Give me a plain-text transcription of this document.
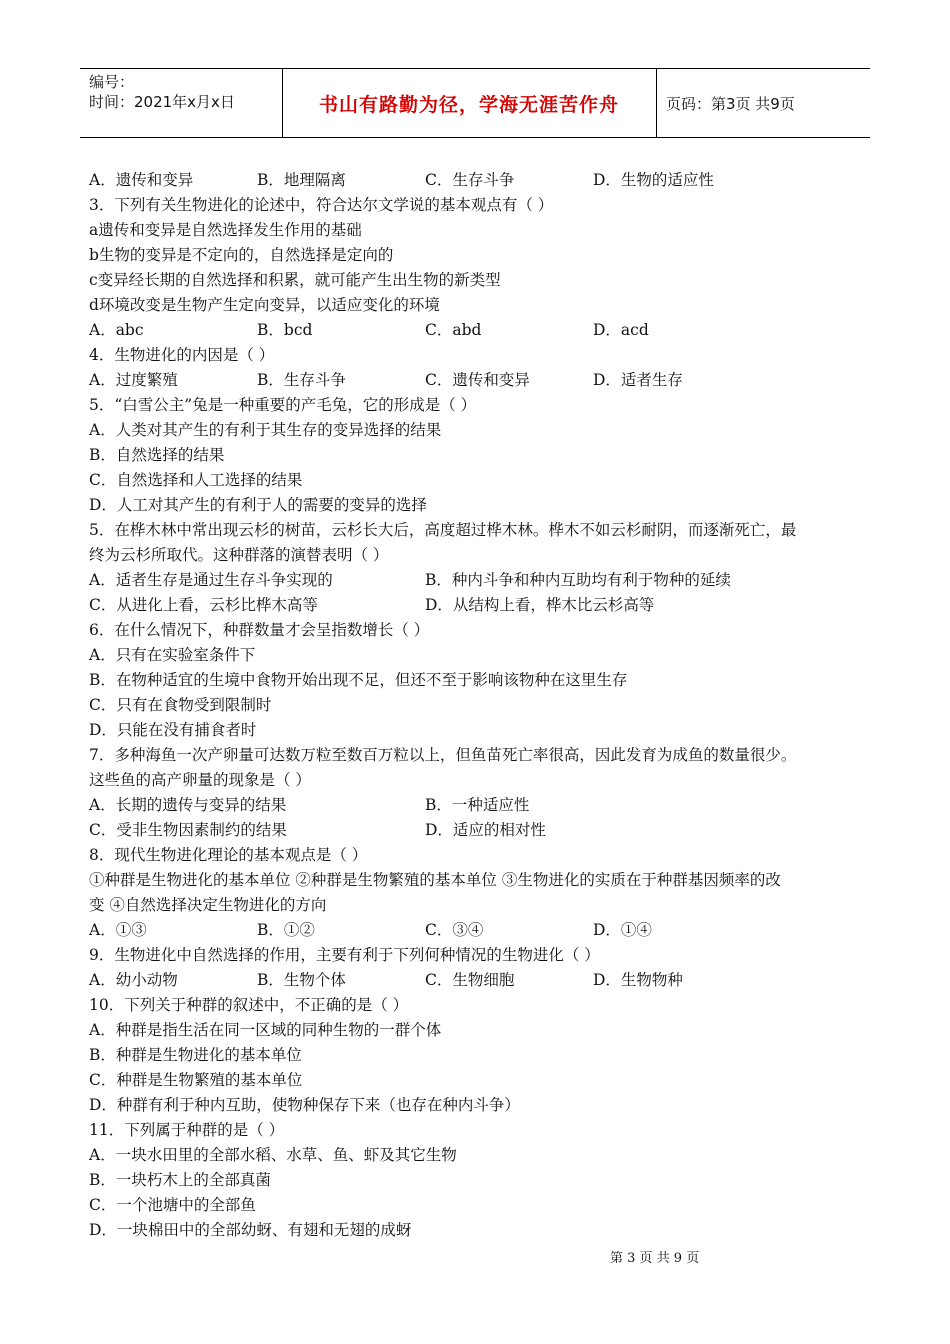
编号：
时间：2021年x月x日	书山有路勤为径，学海无涯苦作舟	页码：第3页 共9页
A．遗传和变异	B．地理隔离	C．生存斗争	D．生物的适应性
3．下列有关生物进化的论述中，符合达尔文学说的基本观点有（ ）
a遗传和变异是自然选择发生作用的基础
b生物的变异是不定向的，自然选择是定向的
c变异经长期的自然选择和积累，就可能产生出生物的新类型
d环境改变是生物产生定向变异，以适应变化的环境
A．abc	B．bcd	C．abd	D．acd
4．生物进化的内因是（ ）
A．过度繁殖	B．生存斗争	C．遗传和变异	D．适者生存
5．“白雪公主”兔是一种重要的产毛兔，它的形成是（ ）
A．人类对其产生的有利于其生存的变异选择的结果
B．自然选择的结果
C．自然选择和人工选择的结果
D．人工对其产生的有利于人的需要的变异的选择
5．在桦木林中常出现云杉的树苗，云杉长大后，高度超过桦木林。桦木不如云杉耐阴，而逐渐死亡，最
终为云杉所取代。这种群落的演替表明（ ）
A．适者生存是通过生存斗争实现的	B．种内斗争和种内互助均有利于物种的延续
C．从进化上看，云杉比桦木高等	D．从结构上看，桦木比云杉高等
6．在什么情况下，种群数量才会呈指数增长（ ）
A．只有在实验室条件下
B．在物种适宜的生境中食物开始出现不足，但还不至于影响该物种在这里生存
C．只有在食物受到限制时
D．只能在没有捕食者时
7．多种海鱼一次产卵量可达数万粒至数百万粒以上，但鱼苗死亡率很高，因此发育为成鱼的数量很少。
这些鱼的高产卵量的现象是（ ）
A．长期的遗传与变异的结果	B．一种适应性
C．受非生物因素制约的结果	D．适应的相对性
8．现代生物进化理论的基本观点是（ ）
①种群是生物进化的基本单位 ②种群是生物繁殖的基本单位 ③生物进化的实质在于种群基因频率的改
变 ④自然选择决定生物进化的方向
A．①③	B．①②	C．③④	D．①④
9．生物进化中自然选择的作用，主要有利于下列何种情况的生物进化（ ）
A．幼小动物	B．生物个体	C．生物细胞	D．生物物种
10．下列关于种群的叙述中，不正确的是（ ）
A．种群是指生活在同一区域的同种生物的一群个体
B．种群是生物进化的基本单位
C．种群是生物繁殖的基本单位
D．种群有利于种内互助，使物种保存下来（也存在种内斗争）
11．下列属于种群的是（ ）
A．一块水田里的全部水稻、水草、鱼、虾及其它生物
B．一块朽木上的全部真菌
C．一个池塘中的全部鱼
D．一块棉田中的全部幼蚜、有翅和无翅的成蚜
第 3 页 共 9 页
